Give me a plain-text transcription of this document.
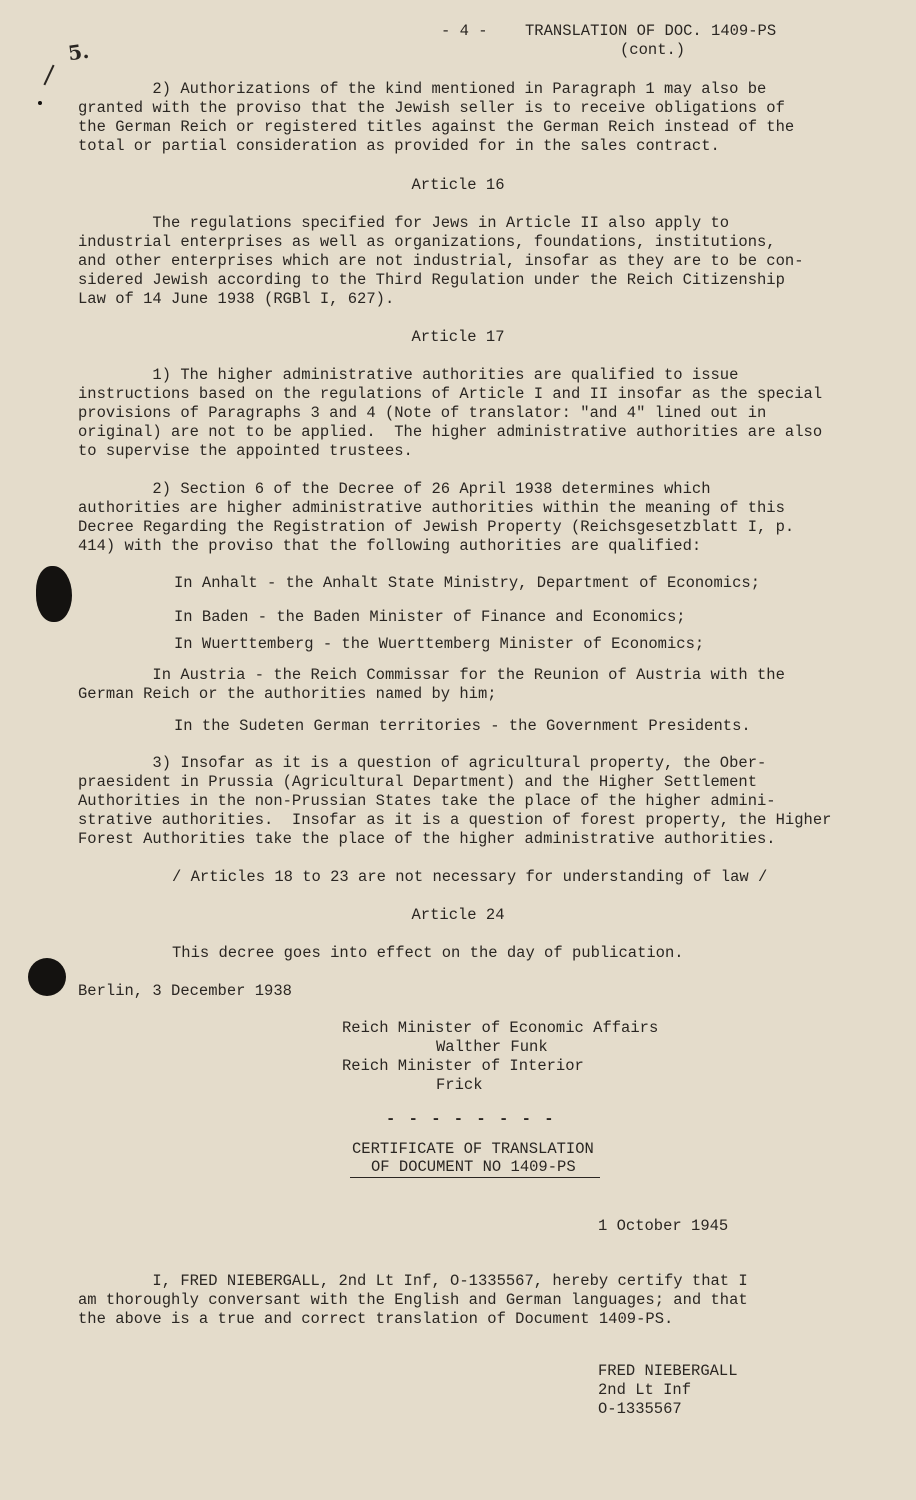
- 4 - TRANSLATION OF DOC. 1409-PS
(cont.)
5.
2) Authorizations of the kind mentioned in Paragraph 1 may also be
granted with the proviso that the Jewish seller is to receive obligations of
the German Reich or registered titles against the German Reich instead of the
total or partial consideration as provided for in the sales contract.
Article 16
The regulations specified for Jews in Article II also apply to
industrial enterprises as well as organizations, foundations, institutions,
and other enterprises which are not industrial, insofar as they are to be con-
sidered Jewish according to the Third Regulation under the Reich Citizenship
Law of 14 June 1938 (RGBl I, 627).
Article 17
1) The higher administrative authorities are qualified to issue
instructions based on the regulations of Article I and II insofar as the special
provisions of Paragraphs 3 and 4 (Note of translator: "and 4" lined out in
original) are not to be applied.  The higher administrative authorities are also
to supervise the appointed trustees.
2) Section 6 of the Decree of 26 April 1938 determines which
authorities are higher administrative authorities within the meaning of this
Decree Regarding the Registration of Jewish Property (Reichsgesetzblatt I, p.
414) with the proviso that the following authorities are qualified:
In Anhalt - the Anhalt State Ministry, Department of Economics;
In Baden - the Baden Minister of Finance and Economics;
In Wuerttemberg - the Wuerttemberg Minister of Economics;
In Austria - the Reich Commissar for the Reunion of Austria with the
German Reich or the authorities named by him;
In the Sudeten German territories - the Government Presidents.
3) Insofar as it is a question of agricultural property, the Ober-
praesident in Prussia (Agricultural Department) and the Higher Settlement
Authorities in the non-Prussian States take the place of the higher admini-
strative authorities.  Insofar as it is a question of forest property, the Higher
Forest Authorities take the place of the higher administrative authorities.
/ Articles 18 to 23 are not necessary for understanding of law /
Article 24
This decree goes into effect on the day of publication.
Berlin, 3 December 1938
Reich Minister of Economic Affairs
Walther Funk
Reich Minister of Interior
Frick
- - - - - - - -
CERTIFICATE OF TRANSLATION
OF DOCUMENT NO 1409-PS
1 October 1945
I, FRED NIEBERGALL, 2nd Lt Inf, O-1335567, hereby certify that I
am thoroughly conversant with the English and German languages; and that
the above is a true and correct translation of Document 1409-PS.
FRED NIEBERGALL
2nd Lt Inf
O-1335567
